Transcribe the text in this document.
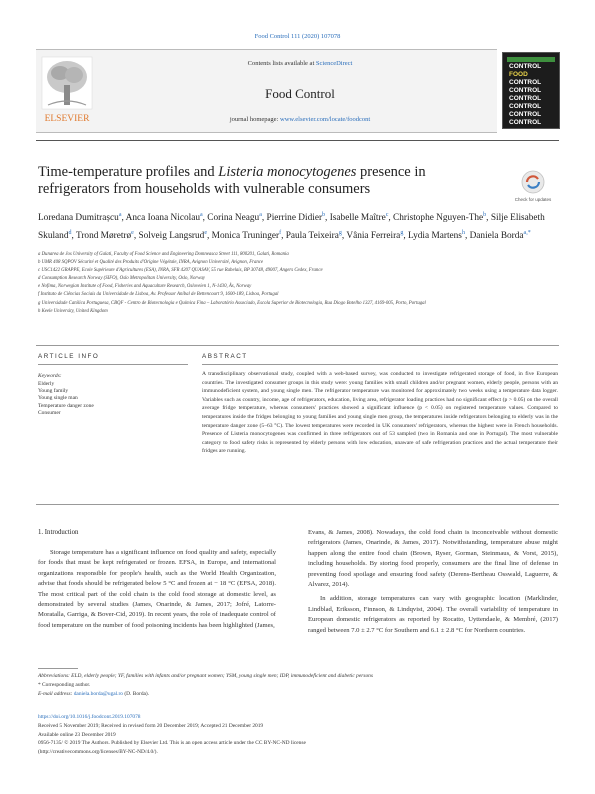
Food Control 111 (2020) 107078
ELSEVIER
Contents lists available at ScienceDirect
Food Control
journal homepage: www.elsevier.com/locate/foodcont
CONTROL
FOOD
CONTROL
CONTROL
CONTROL
CONTROL
CONTROL
CONTROL
Time-temperature profiles and Listeria monocytogenes presence in refrigerators from households with vulnerable consumers
Check for updates
Loredana Dumitrașcu$^a$, Anca Ioana Nicolau$^a$, Corina Neagu$^a$, Pierrine Didier$^b$, Isabelle Maître$^c$, Christophe Nguyen-The$^b$, Silje Elisabeth Skuland$^d$, Trond Møretrø$^e$, Solveig Langsrud$^e$, Monica Truninger$^f$, Paula Teixeira$^g$, Vânia Ferreira$^g$, Lydia Martens$^h$, Daniela Borda$^{a,*}$
a Dunarea de Jos University of Galati, Faculty of Food Science and Engineering Domneasca Street 111, 800201, Galati, Romania
b UMR 408 SQPOV Sécurité et Qualité des Produits d'Origine Végétale, INRA, Avignon Université, Avignon, France
c USC1422 GRAPPE, Ecole Supérieure d'Agricultures (ESA), INRA, SFR 4207 QUASAV, 55 rue Rabelais, BP 30748, 49007, Angers Cedex, France
d Consumption Research Norway (SIFO), Oslo Metropolitan University, Oslo, Norway
e Nofima, Norwegian Institute of Food, Fisheries and Aquaculture Research, Osloveien 1, N-1430, Ås, Norway
f Instituto de Ciências Sociais da Universidade de Lisboa, Av. Professor Aníbal de Bettencourt 9, 1600-189, Lisboa, Portugal
g Universidade Católica Portuguesa, CBQF - Centro de Biotecnologia e Química Fina – Laboratório Associado, Escola Superior de Biotecnologia, Rua Diogo Botelho 1327, 4169-005, Porto, Portugal
h Keele University, United Kingdom
ARTICLE INFO	ABSTRACT
Keywords:
Elderly
Young family
Young single man
Temperature danger zone
Consumer
A transdisciplinary observational study, coupled with a web-based survey, was conducted to investigate refrigerated storage of food, in five European countries. The investigated consumer groups in this study were: young families with small children and/or pregnant women, elderly people, persons with an immunodeficient system, and young single men. The refrigerator temperature was monitored for approximately two weeks using a temperature data logger. Variables such as country, income, age of refrigerators, education, living area, refrigerator loading practices had no significant effect (p > 0.05) on the overall average fridge temperature, whereas consumers' practices showed a significant influence (p < 0.05) on registered temperature values. Compared to temperatures inside the fridges belonging to young families and young single men group, the temperatures inside refrigerators belonging to elderly was in the temperature danger zone (5–63 °C). The lowest temperatures were recorded in UK consumers' refrigerators, whereas the highest were in French households. Presence of Listeria monocytogenes was confirmed in three refrigerators out of 53 sampled (two in Romania and one in Portugal). The most vulnerable category to food safety risks is represented by elderly persons with low education, unaware of safe refrigeration practices and the actual temperature their fridges are running.
1. Introduction

Storage temperature has a significant influence on food quality and safety, especially for foods that must be kept refrigerated or frozen. EFSA, in Europe, and international organizations responsible for people's health, such as the World Health Organization, advise that foods should be refrigerated below 5 °C and frozen at − 18 °C (EFSA, 2018). The most critical part of the cold chain is the cold food storage at domestic level, as demonstrated by several studies (James, Onarinde, & James, 2017; Jofré, Latorre-Moratalla, Garriga, & Bover-Cid, 2019). In recent years, the role of inadequate control of food temperature on the number of food poisoning incidents has been highlighted (James,

Evans, & James, 2008). Nowadays, the cold food chain is inconceivable without domestic refrigerators (James, Onarinde, & James, 2017). Notwithstanding, temperature abuse might happen along the entire food chain (Brown, Ryser, Gorman, Steinmaus, & Vorst, 2015), including households. By storing food properly, consumers are the final line of defense in preventing food spoilage and ensuring food safety (Derens-Bertheau Osswald, Laguerre, & Alvarez, 2014).

In addition, storage temperatures can vary with geographic location (Marklinder, Lindblad, Eriksson, Finnson, & Lindqvist, 2004). The overall variability of temperature in European domestic refrigerators as reported by Rocatto, Uyttendaele, & Membré, (2017) ranged between 7.0 ± 2.7 °C for Southern and 6.1 ± 2.8 °C for Northern countries.

Abbreviations: ELD, elderly people; YF, families with infants and/or pregnant women; YSM, young single men; IDP, immunodeficient and diabetic persons
* Corresponding author.
E-mail address: daniela.borda@ugal.ro (D. Borda).
https://doi.org/10.1016/j.foodcont.2019.107078
Received 5 November 2019; Received in revised form 20 December 2019; Accepted 21 December 2019
Available online 23 December 2019
0956-7135/ © 2019 The Authors. Published by Elsevier Ltd. This is an open access article under the CC BY-NC-ND license
(http://creativecommons.org/licenses/BY-NC-ND/4.0/).
